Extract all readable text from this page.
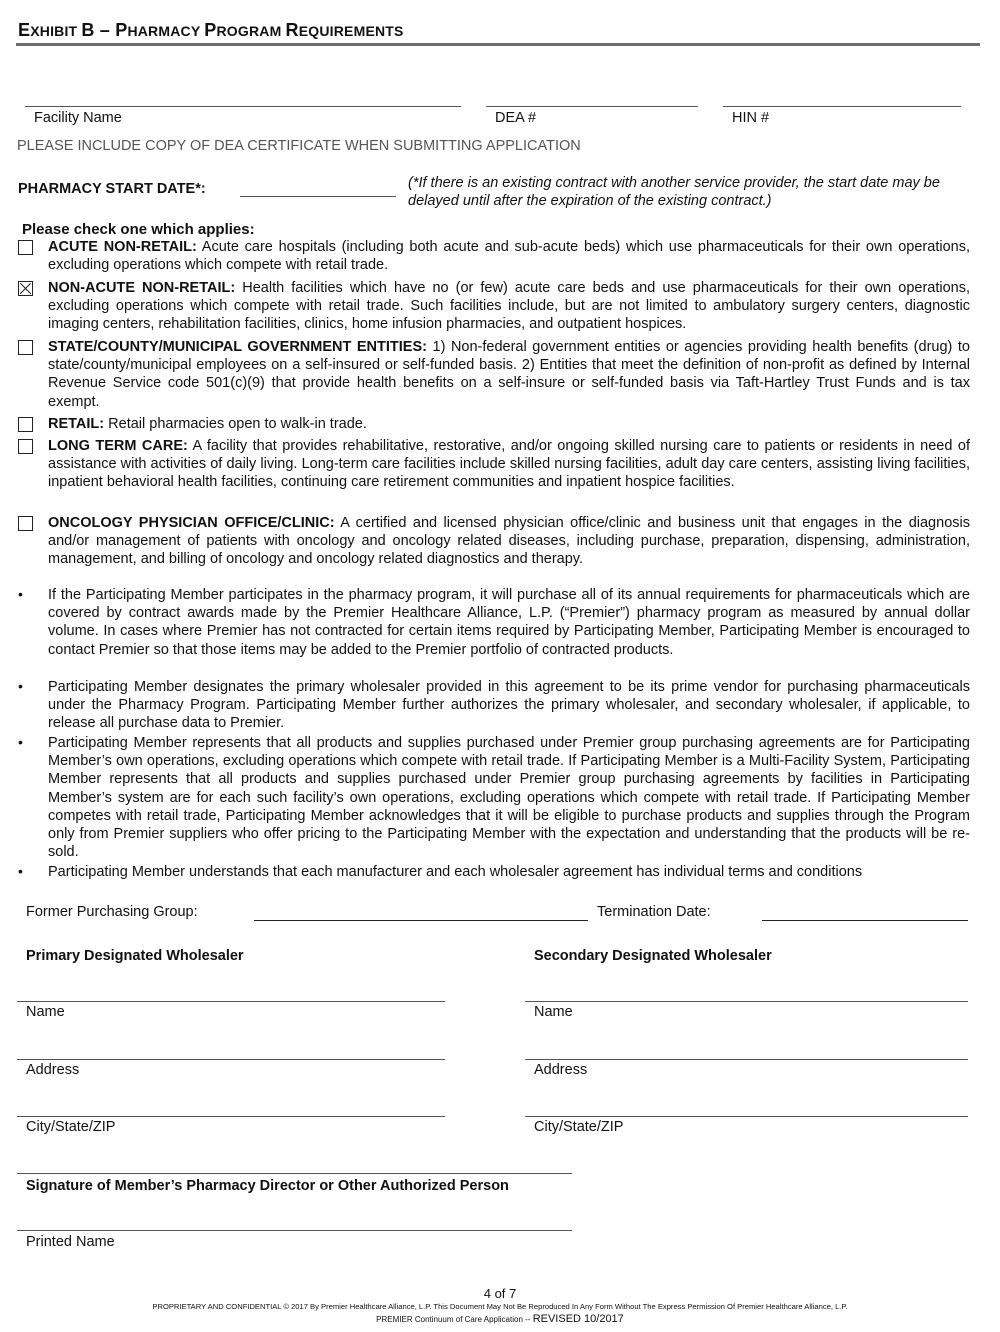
EXHIBIT B – PHARMACY PROGRAM REQUIREMENTS
Facility Name	DEA #	HIN #
PLEASE INCLUDE COPY OF DEA CERTIFICATE WHEN SUBMITTING APPLICATION
PHARMACY START DATE*:	(*If there is an existing contract with another service provider, the start date may be delayed until after the expiration of the existing contract.)
Please check one which applies:
ACUTE NON-RETAIL: Acute care hospitals (including both acute and sub-acute beds) which use pharmaceuticals for their own operations, excluding operations which compete with retail trade.
NON-ACUTE NON-RETAIL: Health facilities which have no (or few) acute care beds and use pharmaceuticals for their own operations, excluding operations which compete with retail trade. Such facilities include, but are not limited to ambulatory surgery centers, diagnostic imaging centers, rehabilitation facilities, clinics, home infusion pharmacies, and outpatient hospices.
STATE/COUNTY/MUNICIPAL GOVERNMENT ENTITIES: 1) Non-federal government entities or agencies providing health benefits (drug) to state/county/municipal employees on a self-insured or self-funded basis. 2) Entities that meet the definition of non-profit as defined by Internal Revenue Service code 501(c)(9) that provide health benefits on a self-insure or self-funded basis via Taft-Hartley Trust Funds and is tax exempt.
RETAIL: Retail pharmacies open to walk-in trade.
LONG TERM CARE: A facility that provides rehabilitative, restorative, and/or ongoing skilled nursing care to patients or residents in need of assistance with activities of daily living. Long-term care facilities include skilled nursing facilities, adult day care centers, assisting living facilities, inpatient behavioral health facilities, continuing care retirement communities and inpatient hospice facilities.
ONCOLOGY PHYSICIAN OFFICE/CLINIC: A certified and licensed physician office/clinic and business unit that engages in the diagnosis and/or management of patients with oncology and oncology related diseases, including purchase, preparation, dispensing, administration, management, and billing of oncology and oncology related diagnostics and therapy.
• If the Participating Member participates in the pharmacy program, it will purchase all of its annual requirements for pharmaceuticals which are covered by contract awards made by the Premier Healthcare Alliance, L.P. (“Premier”) pharmacy program as measured by annual dollar volume. In cases where Premier has not contracted for certain items required by Participating Member, Participating Member is encouraged to contact Premier so that those items may be added to the Premier portfolio of contracted products.
• Participating Member designates the primary wholesaler provided in this agreement to be its prime vendor for purchasing pharmaceuticals under the Pharmacy Program. Participating Member further authorizes the primary wholesaler, and secondary wholesaler, if applicable, to release all purchase data to Premier.
• Participating Member represents that all products and supplies purchased under Premier group purchasing agreements are for Participating Member’s own operations, excluding operations which compete with retail trade. If Participating Member is a Multi-Facility System, Participating Member represents that all products and supplies purchased under Premier group purchasing agreements by facilities in Participating Member’s system are for each such facility’s own operations, excluding operations which compete with retail trade. If Participating Member competes with retail trade, Participating Member acknowledges that it will be eligible to purchase products and supplies through the Program only from Premier suppliers who offer pricing to the Participating Member with the expectation and understanding that the products will be re-sold.
• Participating Member understands that each manufacturer and each wholesaler agreement has individual terms and conditions
Former Purchasing Group:	Termination Date:
Primary Designated Wholesaler	Secondary Designated Wholesaler
Name	Name
Address	Address
City/State/ZIP	City/State/ZIP
Signature of Member’s Pharmacy Director or Other Authorized Person
Printed Name
4 of 7
PROPRIETARY AND CONFIDENTIAL © 2017 By Premier Healthcare Alliance, L.P. This Document May Not Be Reproduced In Any Form Without The Express Permission Of Premier Healthcare Alliance, L.P.
PREMIER Continuum of Care Application -- REVISED 10/2017
